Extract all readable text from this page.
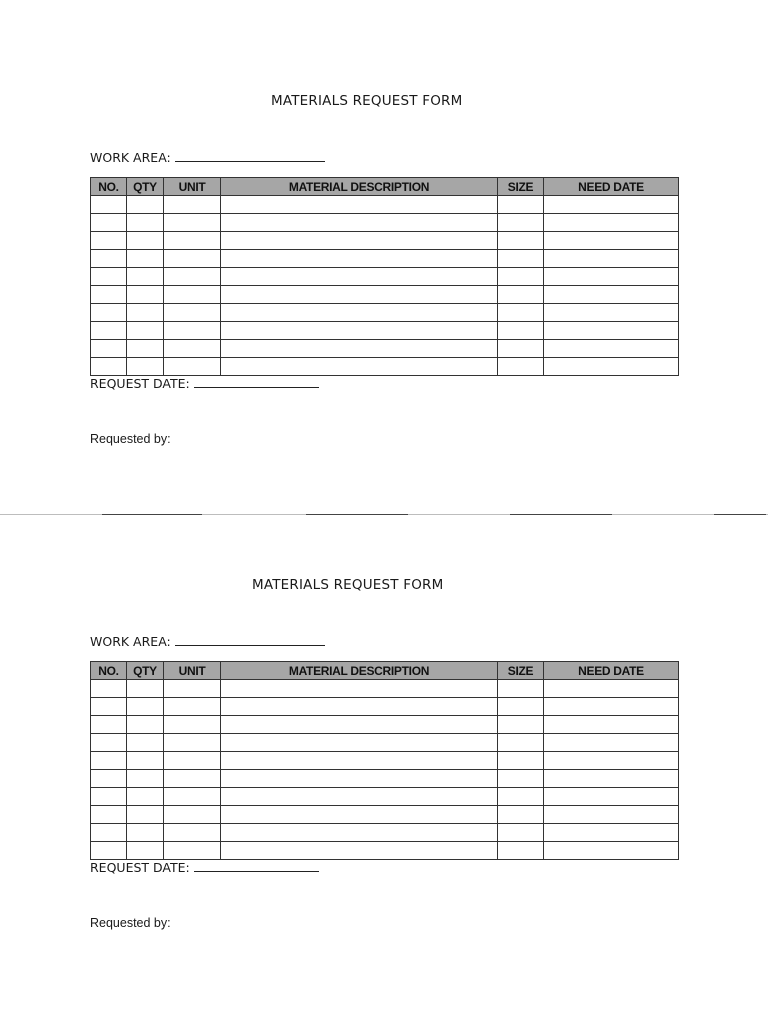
MATERIALS REQUEST FORM
WORK AREA:
NO.	QTY	UNIT	MATERIAL DESCRIPTION	SIZE	NEED DATE

REQUEST DATE:
Requested by:
MATERIALS REQUEST FORM
WORK AREA:
NO.	QTY	UNIT	MATERIAL DESCRIPTION	SIZE	NEED DATE

REQUEST DATE:
Requested by:
